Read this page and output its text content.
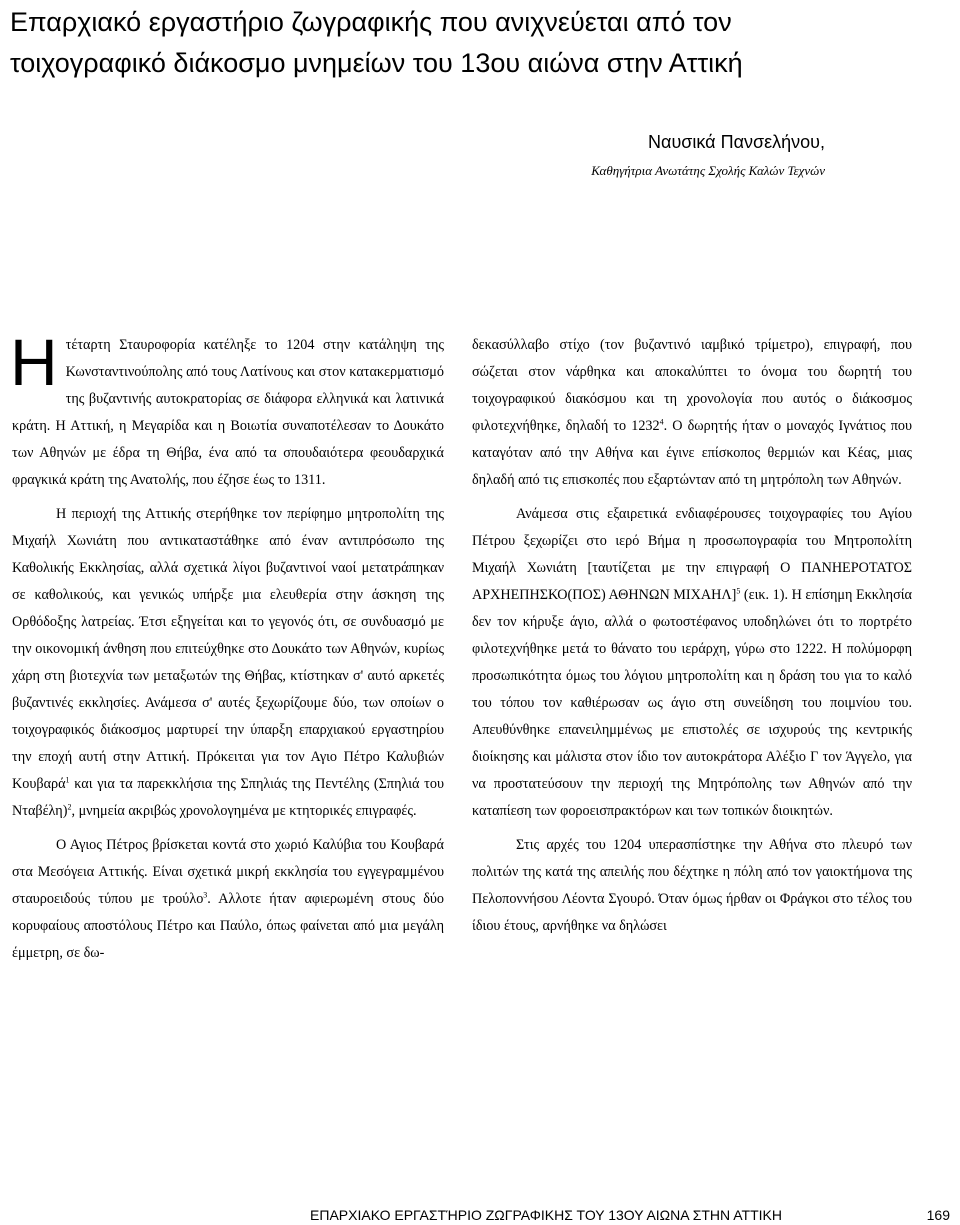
Επαρχιακό εργαστήριο ζωγραφικής που ανιχνεύεται από τον
τοιχογραφικό διάκοσμο μνημείων του 13ου αιώνα στην Αττική
Ναυσικά Πανσελήνου,
Καθηγήτρια Ανωτάτης Σχολής Καλών Τεχνών

Ητέταρτη Σταυροφορία κατέληξε το 1204 στην κατάληψη της Κωνσταντινούπολης από τους Λατίνους και στον κατακερματισμό της βυζαντινής αυτοκρατορίας σε διάφορα ελληνικά και λατινικά κράτη. Η Αττική, η Μεγαρίδα και η Βοιωτία συναποτέλεσαν το Δουκάτο των Αθηνών με έδρα τη Θήβα, ένα από τα σπουδαιότερα φεουδαρχικά φραγκικά κράτη της Ανατολής, που έζησε έως το 1311.

Η περιοχή της Αττικής στερήθηκε τον περίφημο μητροπολίτη της Μιχαήλ Χωνιάτη που αντικαταστάθηκε από έναν αντιπρόσωπο της Καθολικής Εκκλησίας, αλλά σχετικά λίγοι βυζαντινοί ναοί μετατράπηκαν σε καθολικούς, και γενικώς υπήρξε μια ελευθερία στην άσκηση της Ορθόδοξης λατρείας. Έτσι εξηγείται και το γεγονός ότι, σε συνδυασμό με την οικονομική άνθηση που επιτεύχθηκε στο Δουκάτο των Αθηνών, κυρίως χάρη στη βιοτεχνία των μεταξωτών της Θήβας, κτίστηκαν σ' αυτό αρκετές βυζαντινές εκκλησίες. Ανάμεσα σ' αυτές ξεχωρίζουμε δύο, των οποίων ο τοιχογραφικός διάκοσμος μαρτυρεί την ύπαρξη επαρχιακού εργαστηρίου την εποχή αυτή στην Αττική. Πρόκειται για τον Αγιο Πέτρο Καλυβιών Κουβαρά$^1$ και για τα παρεκκλήσια της Σπηλιάς της Πεντέλης (Σπηλιά του Νταβέλη)$^2$, μνημεία ακριβώς χρονολογημένα με κτητορικές επιγραφές.

Ο Αγιος Πέτρος βρίσκεται κοντά στο χωριό Καλύβια του Κουβαρά στα Μεσόγεια Αττικής. Είναι σχετικά μικρή εκκλησία του εγγεγραμμένου σταυροειδούς τύπου με τρούλο$^3$. Αλλοτε ήταν αφιερωμένη στους δύο κορυφαίους αποστόλους Πέτρο και Παύλο, όπως φαίνεται από μια μεγάλη έμμετρη, σε δω-

δεκασύλλαβο στίχο (τον βυζαντινό ιαμβικό τρίμετρο), επιγραφή, που σώζεται στον νάρθηκα και αποκαλύπτει το όνομα του δωρητή του τοιχογραφικού διακόσμου και τη χρονολογία που αυτός ο διάκοσμος φιλοτεχνήθηκε, δηλαδή το 1232$^4$. Ο δωρητής ήταν ο μοναχός Ιγνάτιος που καταγόταν από την Αθήνα και έγινε επίσκοπος θερμιών και Κέας, μιας δηλαδή από τις επισκοπές που εξαρτώνταν από τη μητρόπολη των Αθηνών.

Ανάμεσα στις εξαιρετικά ενδιαφέρουσες τοιχογραφίες του Αγίου Πέτρου ξεχωρίζει στο ιερό Βήμα η προσωπογραφία του Μητροπολίτη Μιχαήλ Χωνιάτη [ταυτίζεται με την επιγραφή Ο ΠΑΝΗΕΡΟΤΑΤΟΣ ΑΡΧΗΕΠΗΣΚΟ(ΠΟΣ) ΑΘΗΝΩΝ ΜΙΧΑΗΛ]$^5$ (εικ. 1). Η επίσημη Εκκλησία δεν τον κήρυξε άγιο, αλλά ο φωτοστέφανος υποδηλώνει ότι το πορτρέτο φιλοτεχνήθηκε μετά το θάνατο του ιεράρχη, γύρω στο 1222. Η πολύμορφη προσωπικότητα όμως του λόγιου μητροπολίτη και η δράση του για το καλό του τόπου τον καθιέρωσαν ως άγιο στη συνείδηση του ποιμνίου του. Απευθύνθηκε επανειλημμένως με επιστολές σε ισχυρούς της κεντρικής διοίκησης και μάλιστα στον ίδιο τον αυτοκράτορα Αλέξιο Γ τον Άγγελο, για να προστατεύσουν την περιοχή της Μητρόπολης των Αθηνών από την καταπίεση των φοροεισπρακτόρων και των τοπικών διοικητών.

Στις αρχές του 1204 υπερασπίστηκε την Αθήνα στο πλευρό των πολιτών της κατά της απειλής που δέχτηκε η πόλη από τον γαιοκτήμονα της Πελοποννήσου Λέοντα Σγουρό. Όταν όμως ήρθαν οι Φράγκοι στο τέλος του ίδιου έτους, αρνήθηκε να δηλώσει

ΕΠΑΡΧΙΑΚΟ ΕΡΓΑΣΤΉΡΙΟ ΖΩΓΡΑΦΙΚΗΣ ΤΟΥ 13ΟΥ ΑΙΩΝΑ ΣΤΗΝ ΑΤΤΙΚΗ	169
